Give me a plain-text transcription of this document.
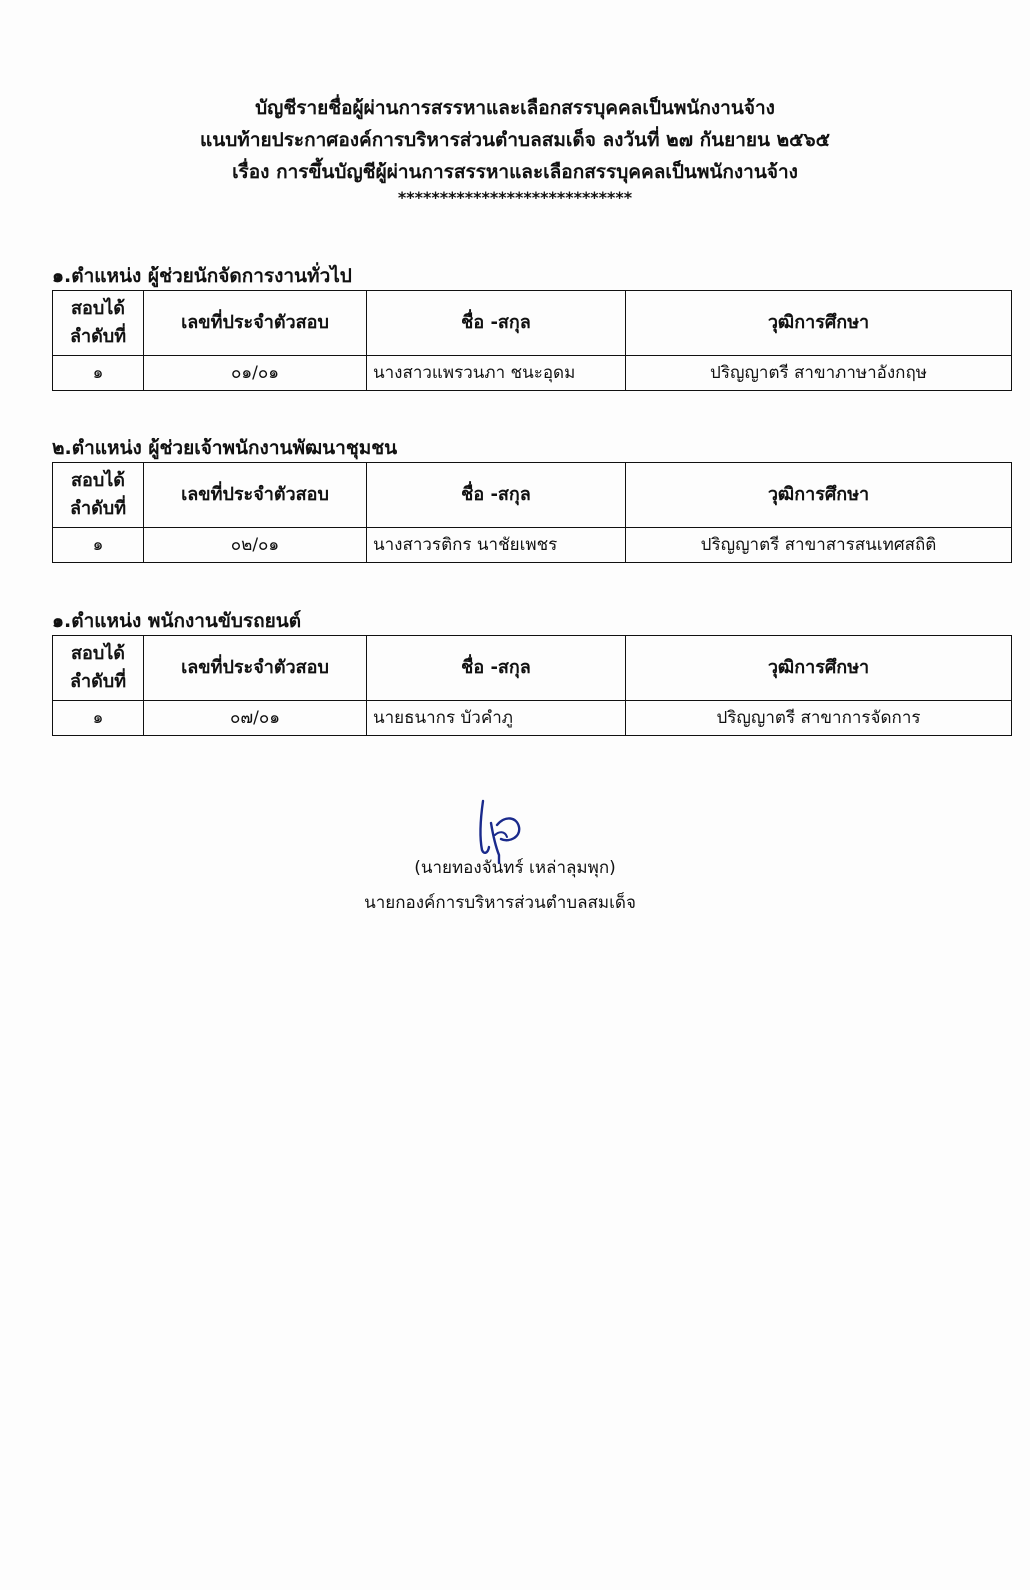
บัญชีรายชื่อผู้ผ่านการสรรหาและเลือกสรรบุคคลเป็นพนักงานจ้าง
แนบท้ายประกาศองค์การบริหารส่วนตำบลสมเด็จ ลงวันที่ ๒๗ กันยายน ๒๕๖๕
เรื่อง การขึ้นบัญชีผู้ผ่านการสรรหาและเลือกสรรบุคคลเป็นพนักงานจ้าง
****************************
๑.ตำแหน่ง ผู้ช่วยนักจัดการงานทั่วไป
สอบได้
ลำดับที่	เลขที่ประจำตัวสอบ	ชื่อ -สกุล	วุฒิการศึกษา
๑	๐๑/๐๑	นางสาวแพรวนภา ชนะอุดม	ปริญญาตรี สาขาภาษาอังกฤษ
๒.ตำแหน่ง ผู้ช่วยเจ้าพนักงานพัฒนาชุมชน
สอบได้
ลำดับที่	เลขที่ประจำตัวสอบ	ชื่อ -สกุล	วุฒิการศึกษา
๑	๐๒/๐๑	นางสาวรติกร นาชัยเพชร	ปริญญาตรี สาขาสารสนเทศสถิติ
๑.ตำแหน่ง พนักงานขับรถยนต์
สอบได้
ลำดับที่	เลขที่ประจำตัวสอบ	ชื่อ -สกุล	วุฒิการศึกษา
๑	๐๗/๐๑	นายธนากร บัวคำภู	ปริญญาตรี สาขาการจัดการ
(นายทองจันทร์ เหล่าลุมพุก)
นายกองค์การบริหารส่วนตำบลสมเด็จ
